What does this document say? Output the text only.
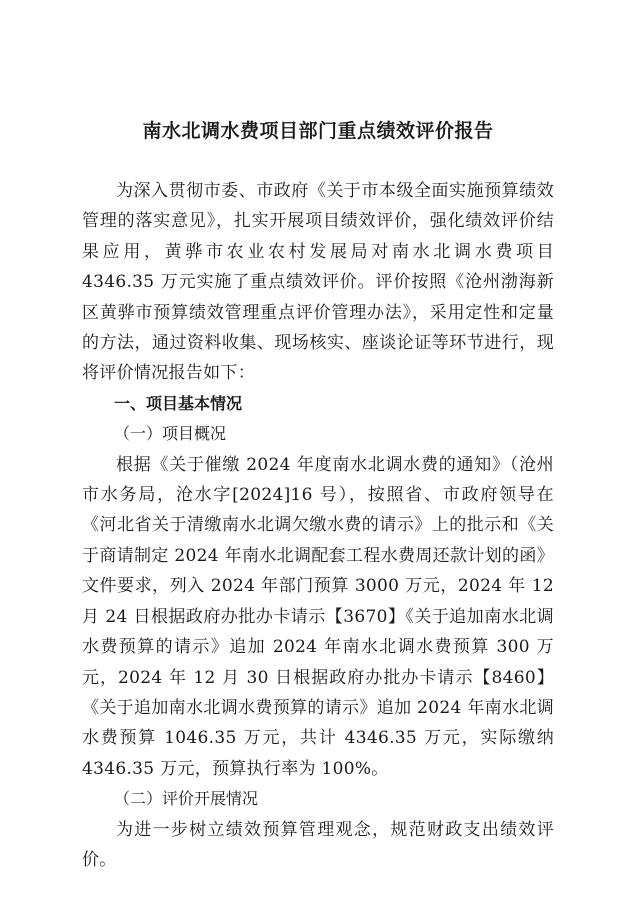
南水北调水费项目部门重点绩效评价报告

为深入贯彻市委、市政府《关于市本级全面实施预算绩效管理的落实意见》，扎实开展项目绩效评价，强化绩效评价结果应用，黄骅市农业农村发展局对南水北调水费项目 4346.35 万元实施了重点绩效评价。评价按照《沧州渤海新区黄骅市预算绩效管理重点评价管理办法》，采用定性和定量的方法，通过资料收集、现场核实、座谈论证等环节进行，现将评价情况报告如下：

一、项目基本情况

（一）项目概况

根据《关于催缴 2024 年度南水北调水费的通知》（沧州市水务局，沧水字[2024]16 号），按照省、市政府领导在《河北省关于清缴南水北调欠缴水费的请示》上的批示和《关于商请制定 2024 年南水北调配套工程水费周还款计划的函》文件要求，列入 2024 年部门预算 3000 万元，2024 年 12 月 24 日根据政府办批办卡请示【3670】《关于追加南水北调水费预算的请示》追加 2024 年南水北调水费预算 300 万元，2024 年 12 月 30 日根据政府办批办卡请示【8460】《关于追加南水北调水费预算的请示》追加 2024 年南水北调水费预算 1046.35 万元，共计 4346.35 万元，实际缴纳 4346.35 万元，预算执行率为 100%。

（二）评价开展情况

为进一步树立绩效预算管理观念，规范财政支出绩效评价。
